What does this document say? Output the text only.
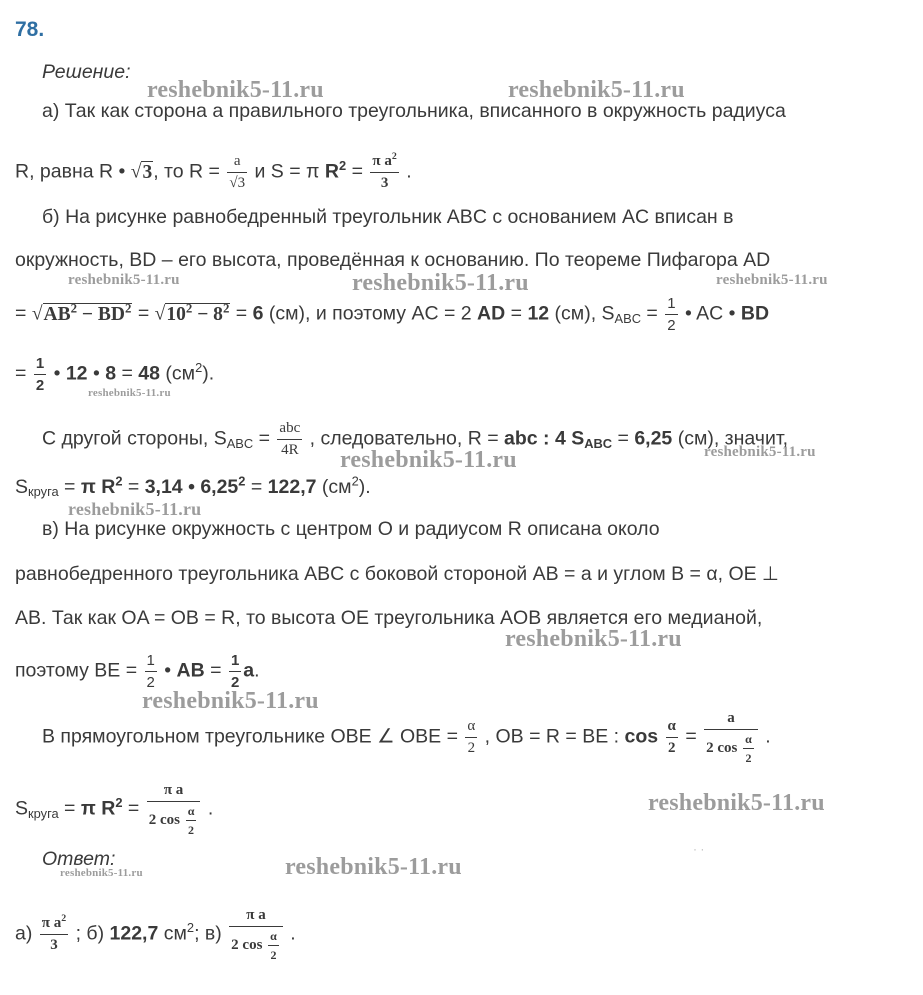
78.
Решение:
а) Так как сторона a правильного треугольника, вписанного в окружность радиуса
R, равна R • √3, то $R = \frac{a}{√3}$ и S = π $R^2 = \frac{\pi a^2}{3}$ .
б) На рисунке равнобедренный треугольник ABC с основанием AC вписан в
окружность, BD – его высота, проведённая к основанию. По теореме Пифагора AD
= $√AB^2 - BD^2 = √10^2 - 8^2 = 6$ (см), и поэтому AC = 2 AD = 12 (см), $S_{ABC} = \frac{1}{2}$ • AC • BD
= $\frac{1}{2}$ • 12 • 8 = 48 $(см^2)$.
С другой стороны, $S_{ABC} = \frac{\text{abc}}{4R}$ , следовательно, R = abc : 4 $S_{ABC} = 6,25$ (см), значит,
$S_{круга} = \pi$ $R^2 = 3,14$ • $6,25^2 = 122,7$ $(см^2)$.
в) На рисунке окружность с центром O и радиусом R описана около
равнобедренного треугольника ABC с боковой стороной AB = a и углом B = α, OE ⊥
AB. Так как OA = OB = R, то высота OE треугольника AOB является его медианой,
поэтому BE = $\frac{1}{2}$ • AB = $\frac{1}{2} a$.
В прямоугольном треугольнике OBE ∠ OBE = $\frac{\alpha}{2}$ , OB = R = BE : $\cos \frac{\alpha}{2} = \frac{a}{2 \cos \frac{\alpha}{2}}$ .
$S_{круга} = \pi$ $R^2 = \frac{\text{π a}}{2 \cos \frac{\alpha}{2}}$ .
Ответ:
$а) \frac{\pi a^2}{3}$ ; б) 122,7 $см^2$; $в) \frac{\text{π a}}{2 \cos \frac{\alpha}{2}}$ .
reshebnik5-11.ru	reshebnik5-11.ru
reshebnik5-11.ru	reshebnik5-11.ru	reshebnik5-11.ru
reshebnik5-11.ru
reshebnik5-11.ru	reshebnik5-11.ru
reshebnik5-11.ru
reshebnik5-11.ru
reshebnik5-11.ru
reshebnik5-11.ru
reshebnik5-11.ru	reshebnik5-11.ru
· ·
